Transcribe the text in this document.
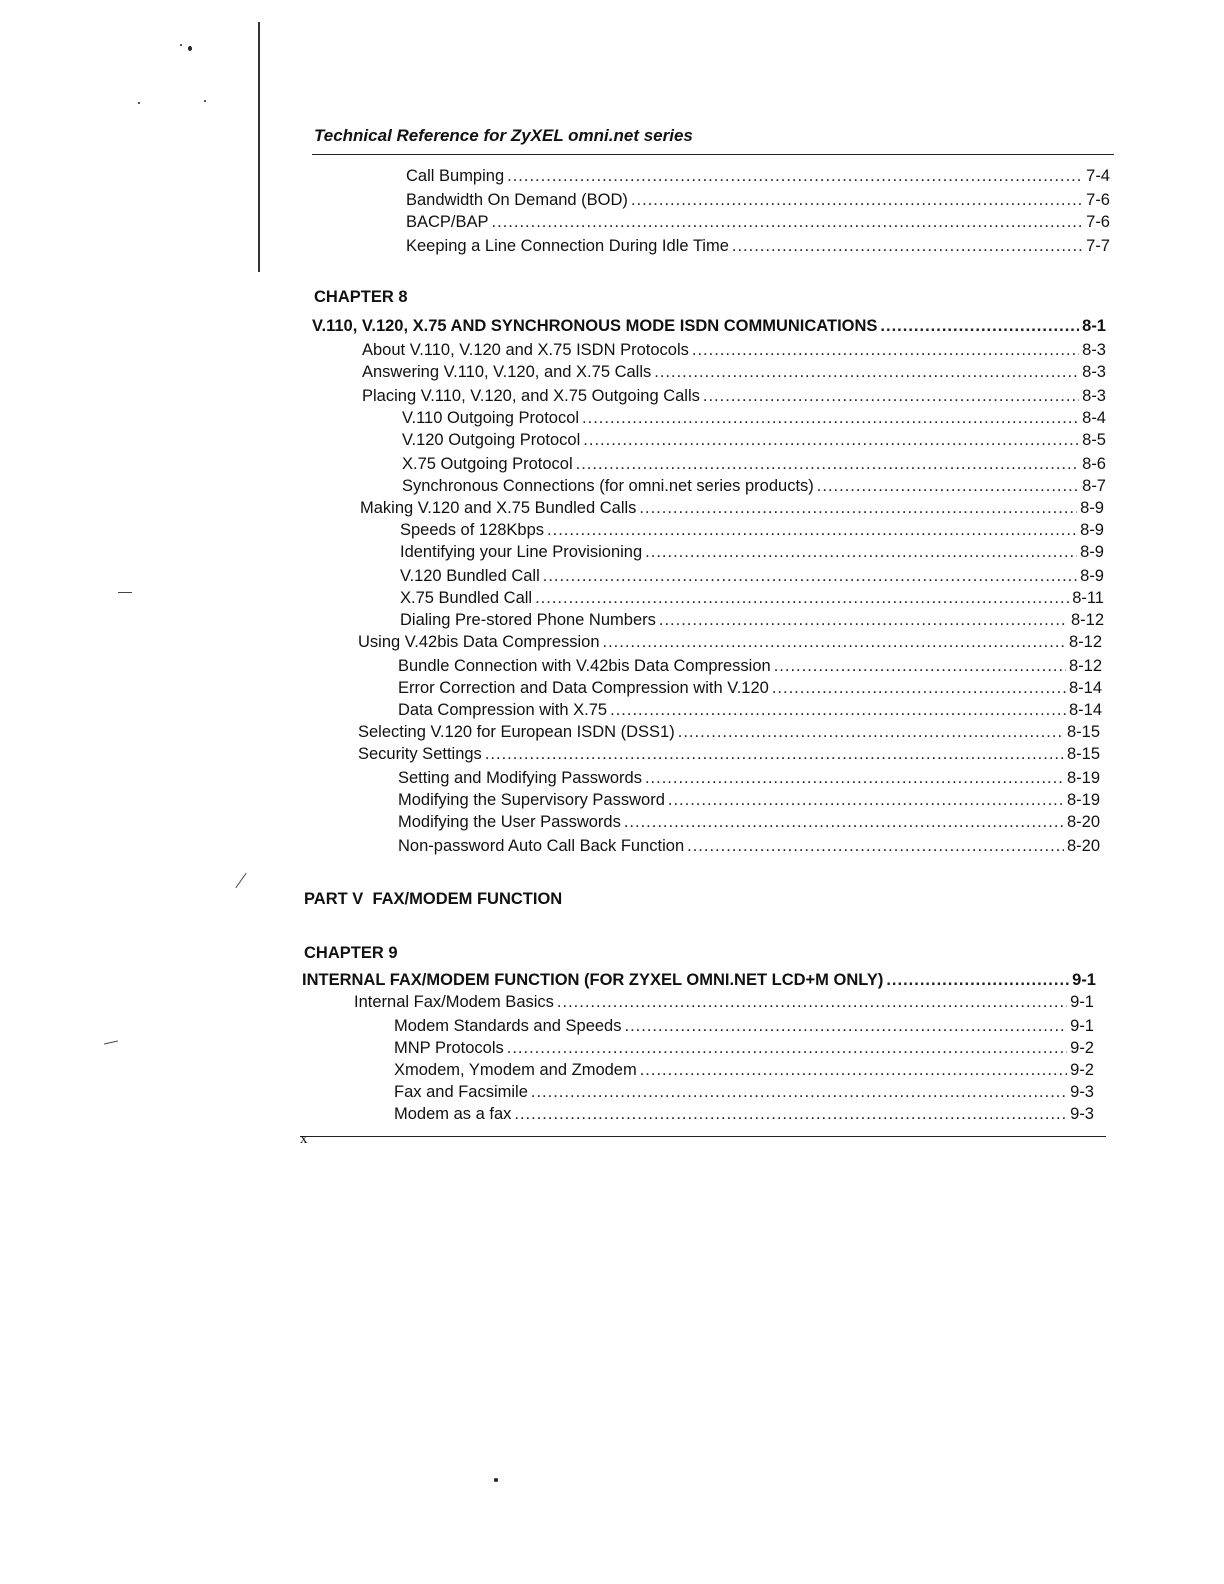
Technical Reference for ZyXEL omni.net series
Call Bumping .....	7-4
Bandwidth On Demand (BOD) .....	7-6
BACP/BAP .....	7-6
Keeping a Line Connection During Idle Time .....	7-7
CHAPTER 8
V.110, V.120, X.75 AND SYNCHRONOUS MODE ISDN COMMUNICATIONS .....	8-1
About V.110, V.120 and X.75 ISDN Protocols .....	8-3
Answering V.110, V.120, and X.75 Calls .....	8-3
Placing V.110, V.120, and X.75 Outgoing Calls .....	8-3
V.110 Outgoing Protocol .....	8-4
V.120 Outgoing Protocol .....	8-5
X.75 Outgoing Protocol .....	8-6
Synchronous Connections (for omni.net series products) .....	8-7
Making V.120 and X.75 Bundled Calls .....	8-9
Speeds of 128Kbps .....	8-9
Identifying your Line Provisioning .....	8-9
V.120 Bundled Call .....	8-9
X.75 Bundled Call .....	8-11
Dialing Pre-stored Phone Numbers .....	8-12
Using V.42bis Data Compression .....	8-12
Bundle Connection with V.42bis Data Compression .....	8-12
Error Correction and Data Compression with V.120 .....	8-14
Data Compression with X.75 .....	8-14
Selecting V.120 for European ISDN (DSS1) .....	8-15
Security Settings .....	8-15
Setting and Modifying Passwords .....	8-19
Modifying the Supervisory Password .....	8-19
Modifying the User Passwords .....	8-20
Non-password Auto Call Back Function .....	8-20
PART V  FAX/MODEM FUNCTION
CHAPTER 9
INTERNAL FAX/MODEM FUNCTION (FOR ZYXEL OMNI.NET LCD+M ONLY) .....	9-1
Internal Fax/Modem Basics .....	9-1
Modem Standards and Speeds .....	9-1
MNP Protocols .....	9-2
Xmodem, Ymodem and Zmodem .....	9-2
Fax and Facsimile .....	9-3
Modem as a fax .....	9-3
x
